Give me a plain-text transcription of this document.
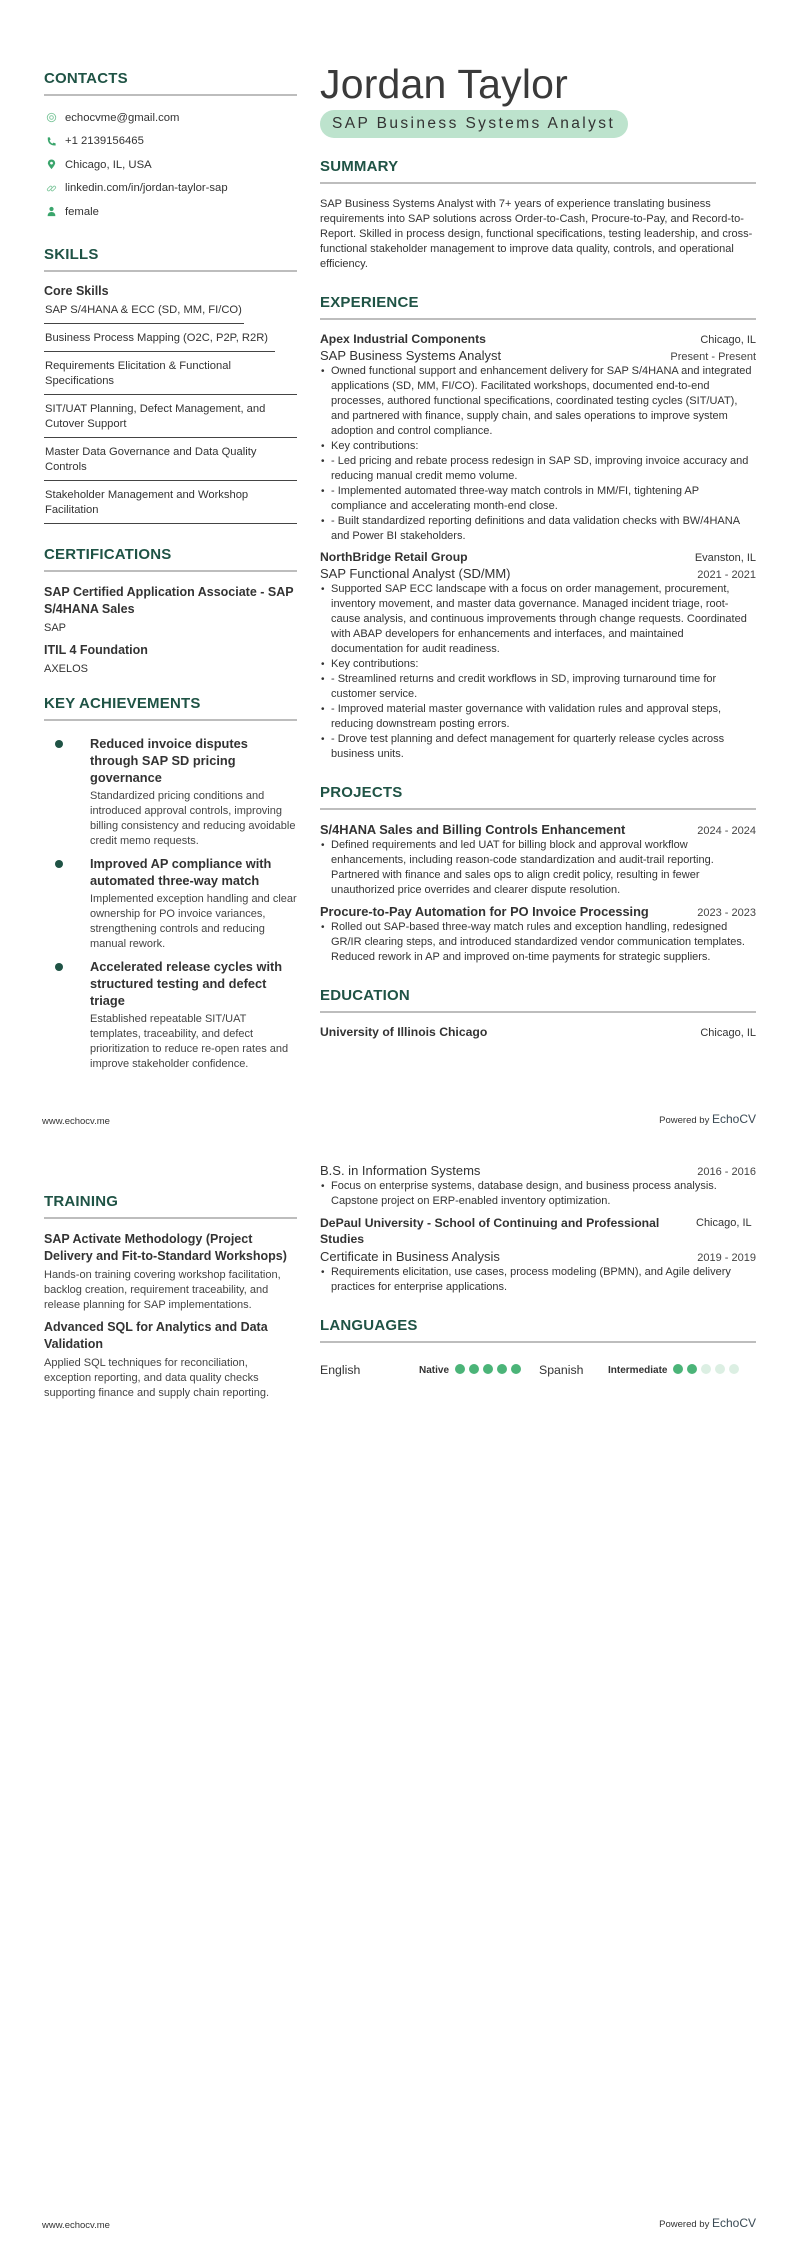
CONTACTS
echocvme@gmail.com
+1 2139156465
Chicago, IL, USA
linkedin.com/in/jordan-taylor-sap
female
SKILLS
Core Skills
SAP S/4HANA & ECC (SD, MM, FI/CO)
Business Process Mapping (O2C, P2P, R2R)
Requirements Elicitation & Functional Specifications
SIT/UAT Planning, Defect Management, and Cutover Support
Master Data Governance and Data Quality Controls
Stakeholder Management and Workshop Facilitation
CERTIFICATIONS
SAP Certified Application Associate - SAP S/4HANA Sales
SAP
ITIL 4 Foundation
AXELOS
KEY ACHIEVEMENTS
Reduced invoice disputes through SAP SD pricing governance
Standardized pricing conditions and introduced approval controls, improving billing consistency and reducing avoidable credit memo requests.
Improved AP compliance with automated three-way match
Implemented exception handling and clear ownership for PO invoice variances, strengthening controls and reducing manual rework.
Accelerated release cycles with structured testing and defect triage
Established repeatable SIT/UAT templates, traceability, and defect prioritization to reduce re-open rates and improve stakeholder confidence.
Jordan Taylor
SAP Business Systems Analyst
SUMMARY

SAP Business Systems Analyst with 7+ years of experience translating business requirements into SAP solutions across Order-to-Cash, Procure-to-Pay, and Record-to-Report. Skilled in process design, functional specifications, testing leadership, and cross-functional stakeholder management to improve data quality, controls, and operational efficiency.

EXPERIENCE
Apex Industrial Components	Chicago, IL
SAP Business Systems Analyst	Present - Present
• Owned functional support and enhancement delivery for SAP S/4HANA and integrated applications (SD, MM, FI/CO). Facilitated workshops, documented end-to-end processes, authored functional specifications, coordinated testing cycles (SIT/UAT), and partnered with finance, supply chain, and sales operations to improve system adoption and control compliance.
• Key contributions:
• - Led pricing and rebate process redesign in SAP SD, improving invoice accuracy and reducing manual credit memo volume.
• - Implemented automated three-way match controls in MM/FI, tightening AP compliance and accelerating month-end close.
• - Built standardized reporting definitions and data validation checks with BW/4HANA and Power BI stakeholders.
NorthBridge Retail Group	Evanston, IL
SAP Functional Analyst (SD/MM)	2021 - 2021
• Supported SAP ECC landscape with a focus on order management, procurement, inventory movement, and master data governance. Managed incident triage, root-cause analysis, and continuous improvements through change requests. Coordinated with ABAP developers for enhancements and interfaces, and maintained documentation for audit readiness.
• Key contributions:
• - Streamlined returns and credit workflows in SD, improving turnaround time for customer service.
• - Improved material master governance with validation rules and approval steps, reducing downstream posting errors.
• - Drove test planning and defect management for quarterly release cycles across business units.
PROJECTS
S/4HANA Sales and Billing Controls Enhancement	2024 - 2024
• Defined requirements and led UAT for billing block and approval workflow enhancements, including reason-code standardization and audit-trail reporting. Partnered with finance and sales ops to align credit policy, resulting in fewer unauthorized price overrides and clearer dispute resolution.
Procure-to-Pay Automation for PO Invoice Processing	2023 - 2023
• Rolled out SAP-based three-way match rules and exception handling, redesigned GR/IR clearing steps, and introduced standardized vendor communication templates. Reduced rework in AP and improved on-time payments for strategic suppliers.
EDUCATION
University of Illinois Chicago	Chicago, IL
www.echocv.me	Powered by EchoCV
TRAINING
SAP Activate Methodology (Project Delivery and Fit-to-Standard Workshops)
Hands-on training covering workshop facilitation, backlog creation, requirement traceability, and release planning for SAP implementations.
Advanced SQL for Analytics and Data Validation
Applied SQL techniques for reconciliation, exception reporting, and data quality checks supporting finance and supply chain reporting.
B.S. in Information Systems	2016 - 2016
• Focus on enterprise systems, database design, and business process analysis. Capstone project on ERP-enabled inventory optimization.
DePaul University - School of Continuing and Professional Studies
Chicago, IL
Certificate in Business Analysis	2019 - 2019
• Requirements elicitation, use cases, process modeling (BPMN), and Agile delivery practices for enterprise applications.
LANGUAGES
English	Native	Spanish	Intermediate
www.echocv.me	Powered by EchoCV
